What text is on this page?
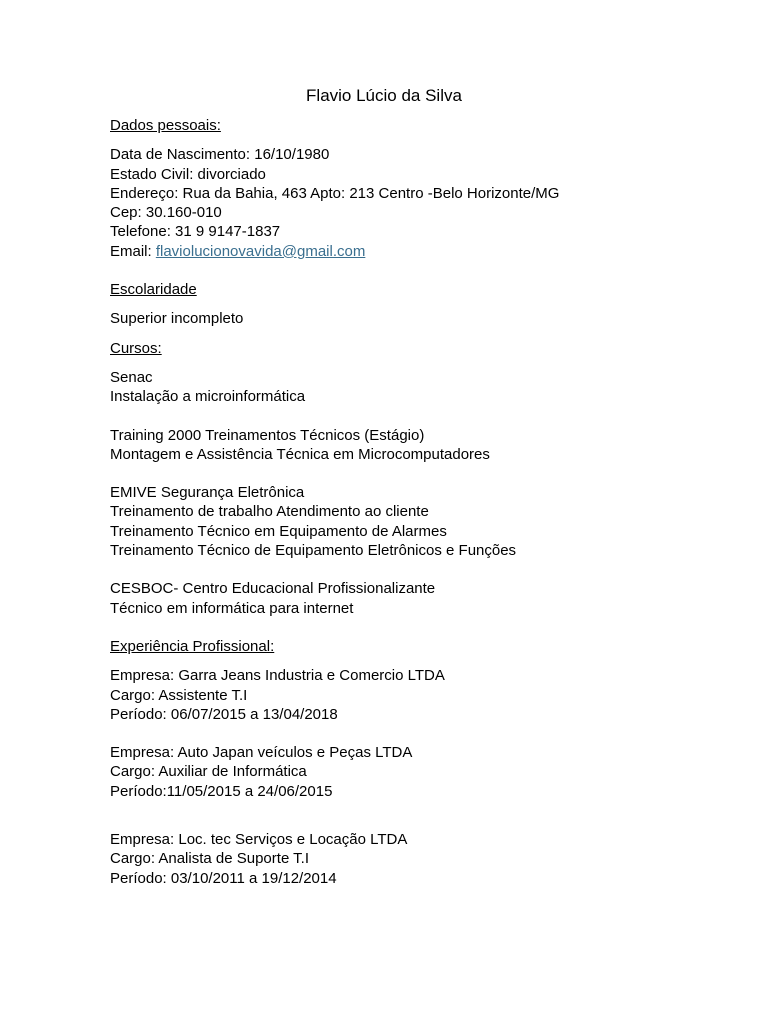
Flavio Lúcio da Silva
Dados pessoais:
Data de Nascimento: 16/10/1980
Estado Civil: divorciado
Endereço: Rua da Bahia, 463 Apto: 213 Centro -Belo Horizonte/MG
Cep: 30.160-010
Telefone: 31 9 9147-1837
Email: flaviolucionovavida@gmail.com
Escolaridade
Superior incompleto
Cursos:
Senac
Instalação a microinformática
Training 2000 Treinamentos Técnicos (Estágio)
Montagem e Assistência Técnica em Microcomputadores
EMIVE Segurança Eletrônica
Treinamento de trabalho Atendimento ao cliente
Treinamento Técnico em Equipamento de Alarmes
Treinamento Técnico de Equipamento Eletrônicos e Funções
CESBOC- Centro Educacional Profissionalizante
Técnico em informática para internet
Experiência Profissional:
Empresa: Garra Jeans Industria e Comercio LTDA
Cargo: Assistente T.I
Período: 06/07/2015 a 13/04/2018
Empresa: Auto Japan veículos e Peças LTDA
Cargo: Auxiliar de Informática
Período:11/05/2015 a 24/06/2015
Empresa: Loc. tec Serviços e Locação LTDA
Cargo: Analista de Suporte T.I
Período: 03/10/2011 a 19/12/2014
